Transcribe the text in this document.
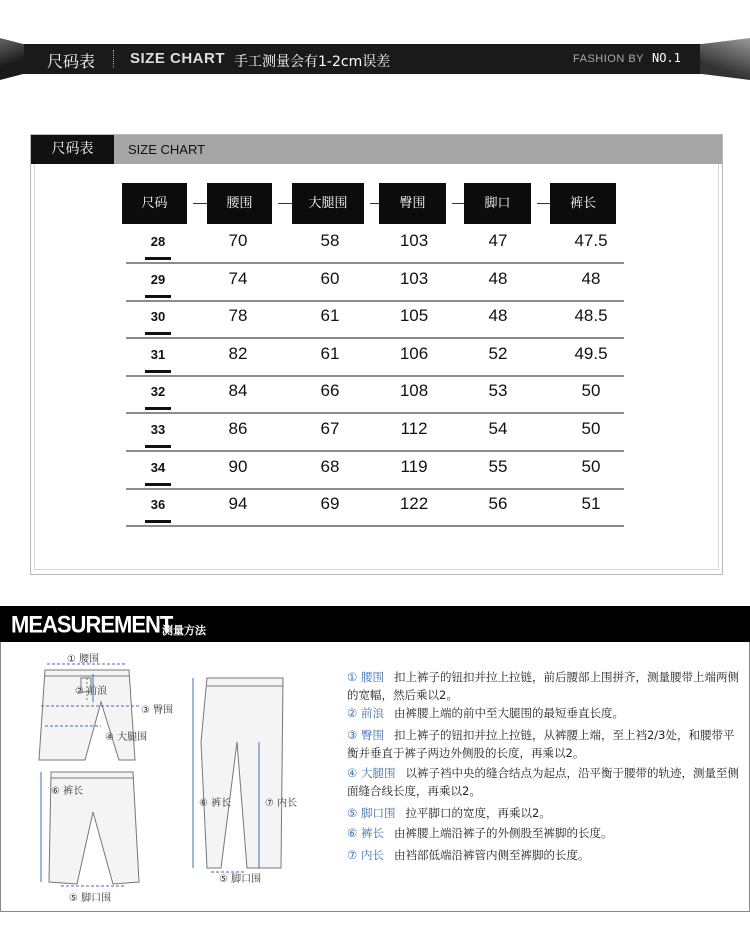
尺码表 SIZE CHART 手工测量会有1-2cm误差	FASHION BY NO.1
尺码表	SIZE CHART
28	70	58	103	47	47.5
29	74	60	103	48	48
30	78	61	105	48	48.5
31	82	61	106	52	49.5
32	84	66	108	53	50
33	86	67	112	54	50
34	90	68	119	55	50
36	94	69	122	56	51
MEASUREMENT
测量方法
① 腰围
② 前浪
③ 臀围
④ 大腿围
⑥ 裤长
⑤ 脚口围
⑥ 裤长	⑦ 内长
⑤ 脚口围
① 腰围 扣上裤子的钮扣并拉上拉链，前后腰部上围拼齐，测量腰带上端两侧的宽幅，然后乘以2。
② 前浪 由裤腰上端的前中至大腿围的最短垂直长度。
③ 臀围 扣上裤子的钮扣并拉上拉链，从裤腰上端，至上裆2/3处，和腰带平衡并垂直于裤子两边外侧股的长度，再乘以2。
④ 大腿围 以裤子裆中央的缝合结点为起点，沿平衡于腰带的轨迹，测量至侧面缝合线长度，再乘以2。
⑤ 脚口围 拉平脚口的宽度，再乘以2。
⑥ 裤长 由裤腰上端沿裤子的外侧股至裤脚的长度。
⑦ 内长 由裆部低端沿裤管内侧至裤脚的长度。
尺码	腰围	大腿围	臀围	脚口	裤长
